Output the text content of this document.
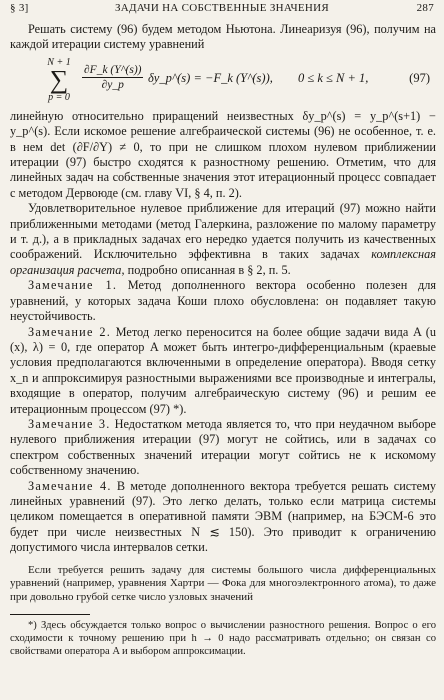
§ 3]	ЗАДАЧИ НА СОБСТВЕННЫЕ ЗНАЧЕНИЯ	287

Решать систему (96) будем методом Ньютона. Линеаризуя (96), получим на каждой итерации систему уравнений

N + 1
∑
p = 0
$\frac{\partial F\_k (Y\^{}(s))}{\partial y\_p}$ δy_p^(s) = −F_k (Y^(s)), 0 ≤ k ≤ N + 1,	(97)

линейную относительно приращений неизвестных δy_p^(s) = y_p^(s+1) − y_p^(s). Если искомое решение алгебраической системы (96) не особенное, т. е. в нем det (∂F/∂Y) ≠ 0, то при не слишком плохом нулевом приближении итерации (97) быстро сходятся к разностному решению. Отметим, что для линейных задач на собственные значения этот итерационный процесс совпадает с методом Дервоюде (см. главу VI, § 4, п. 2).

Удовлетворительное нулевое приближение для итераций (97) можно найти приближенными методами (метод Галеркина, разложение по малому параметру и т. д.), а в прикладных задачах его нередко удается получить из качественных соображений. Исключительно эффективна в таких задачах комплексная организация расчета, подробно описанная в § 2, п. 5.

Замечание 1. Метод дополненного вектора особенно полезен для уравнений, у которых задача Коши плохо обусловлена: он подавляет такую неустойчивость.

Замечание 2. Метод легко переносится на более общие задачи вида A (u (x), λ) = 0, где оператор A может быть интегро-дифференциальным (краевые условия предполагаются включенными в определение оператора). Вводя сетку x_n и аппроксимируя разностными выражениями все производные и интегралы, входящие в оператор, получим алгебраическую систему (96) и решим ее итерационным процессом (97) *).

Замечание 3. Недостатком метода является то, что при неудачном выборе нулевого приближения итерации (97) могут не сойтись, или в задачах со спектром собственных значений итерации могут сойтись не к искомому собственному значению.

Замечание 4. В методе дополненного вектора требуется решать систему линейных уравнений (97). Это легко делать, только если матрица системы целиком помещается в оперативной памяти ЭВМ (например, на БЭСМ-6 это будет при числе неизвестных N ≲ 150). Это приводит к ограничению допустимого числа интервалов сетки.

Если требуется решить задачу для системы большого числа дифференциальных уравнений (например, уравнения Хартри — Фока для многоэлектронного атома), то даже при довольно грубой сетке число узловых значений

*) Здесь обсуждается только вопрос о вычислении разностного решения. Вопрос о его сходимости к точному решению при h → 0 надо рассматривать отдельно; он связан со свойствами оператора A и выбором аппроксимации.
